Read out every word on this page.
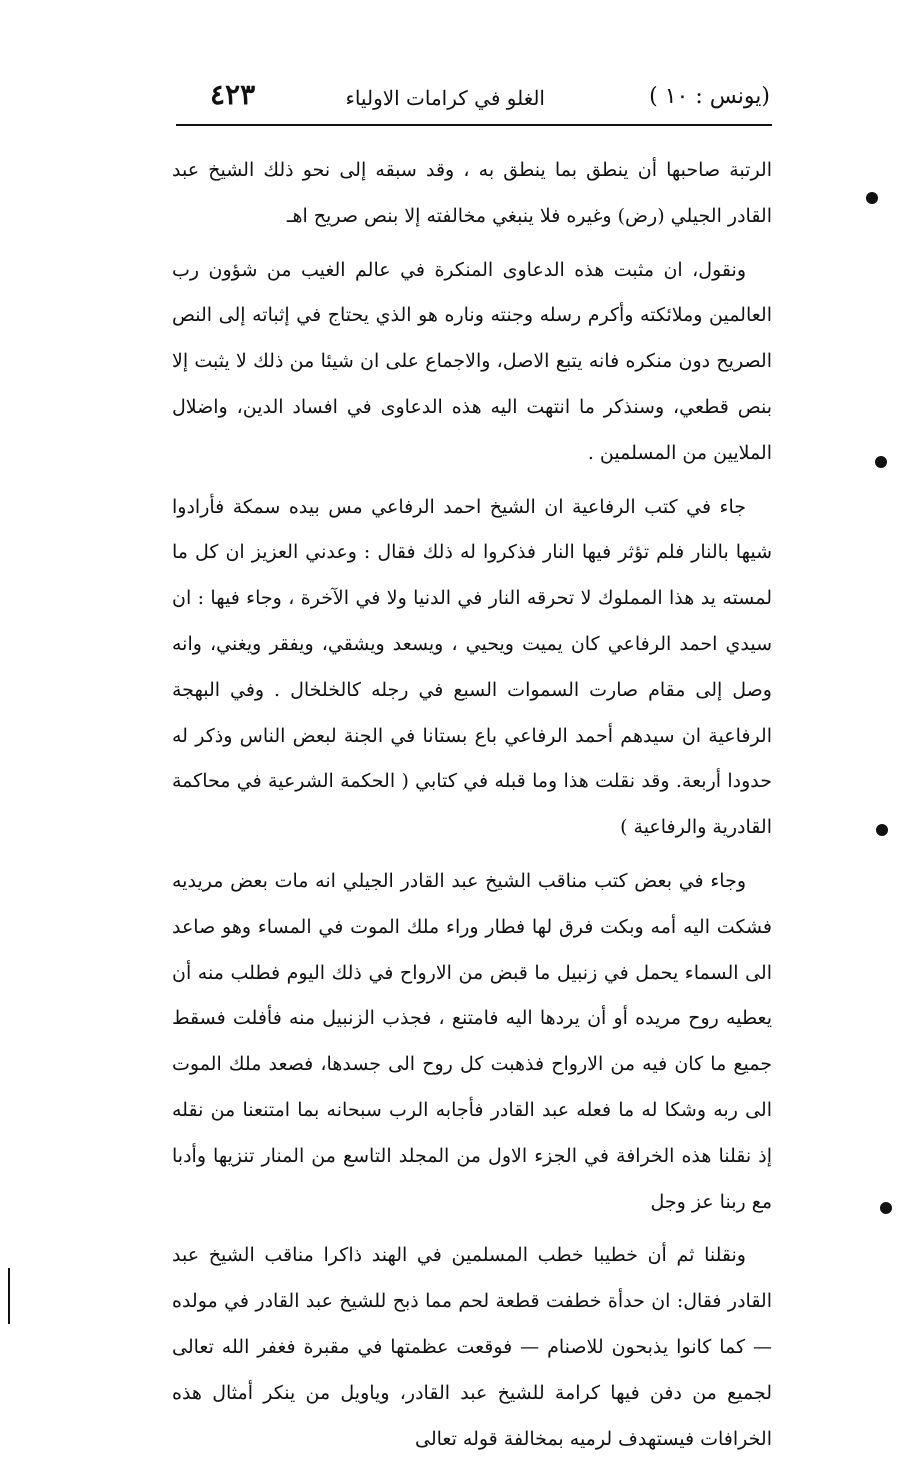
(يونس : ١٠ )
الغلو في كرامات الاولياء
٤٢٣

الرتبة صاحبها أن ينطق بما ينطق به ، وقد سبقه إلى نحو ذلك الشيخ عبد القادر الجيلي (رض) وغيره فلا ينبغي مخالفته إلا بنص صريح اهـ

ونقول، ان مثبت هذه الدعاوى المنكرة في عالم الغيب من شؤون رب العالمين وملائكته وأكرم رسله وجنته وناره هو الذي يحتاج في إثباته إلى النص الصريح دون منكره فانه يتبع الاصل، والاجماع على ان شيئا من ذلك لا يثبت إلا بنص قطعي، وسنذكر ما انتهت اليه هذه الدعاوى في افساد الدين، واضلال الملايين من المسلمين .

جاء في كتب الرفاعية ان الشيخ احمد الرفاعي مس بيده سمكة فأرادوا شيها بالنار فلم تؤثر فيها النار فذكروا له ذلك فقال : وعدني العزيز ان كل ما لمسته يد هذا المملوك لا تحرقه النار في الدنيا ولا في الآخرة ، وجاء فيها : ان سيدي احمد الرفاعي كان يميت ويحيي ، ويسعد ويشقي، ويفقر ويغني، وانه وصل إلى مقام صارت السموات السبع في رجله كالخلخال . وفي البهجة الرفاعية ان سيدهم أحمد الرفاعي باع بستانا في الجنة لبعض الناس وذكر له حدودا أربعة. وقد نقلت هذا وما قبله في كتابي ( الحكمة الشرعية في محاكمة القادرية والرفاعية )

وجاء في بعض كتب مناقب الشيخ عبد القادر الجيلي انه مات بعض مريديه فشكت اليه أمه وبكت فرق لها فطار وراء ملك الموت في المساء وهو صاعد الى السماء يحمل في زنبيل ما قبض من الارواح في ذلك اليوم فطلب منه أن يعطيه روح مريده أو أن يردها اليه فامتنع ، فجذب الزنبيل منه فأفلت فسقط جميع ما كان فيه من الارواح فذهبت كل روح الى جسدها، فصعد ملك الموت الى ربه وشكا له ما فعله عبد القادر فأجابه الرب سبحانه بما امتنعنا من نقله إذ نقلنا هذه الخرافة في الجزء الاول من المجلد التاسع من المنار تنزيها وأدبا مع ربنا عز وجل

ونقلنا ثم أن خطيبا خطب المسلمين في الهند ذاكرا مناقب الشيخ عبد القادر فقال: ان حدأة خطفت قطعة لحم مما ذبح للشيخ عبد القادر في مولده — كما كانوا يذبحون للاصنام — فوقعت عظمتها في مقبرة فغفر الله تعالى لجميع من دفن فيها كرامة للشيخ عبد القادر، وياويل من ينكر أمثال هذه الخرافات فيستهدف لرميه بمخالفة قوله تعالى
